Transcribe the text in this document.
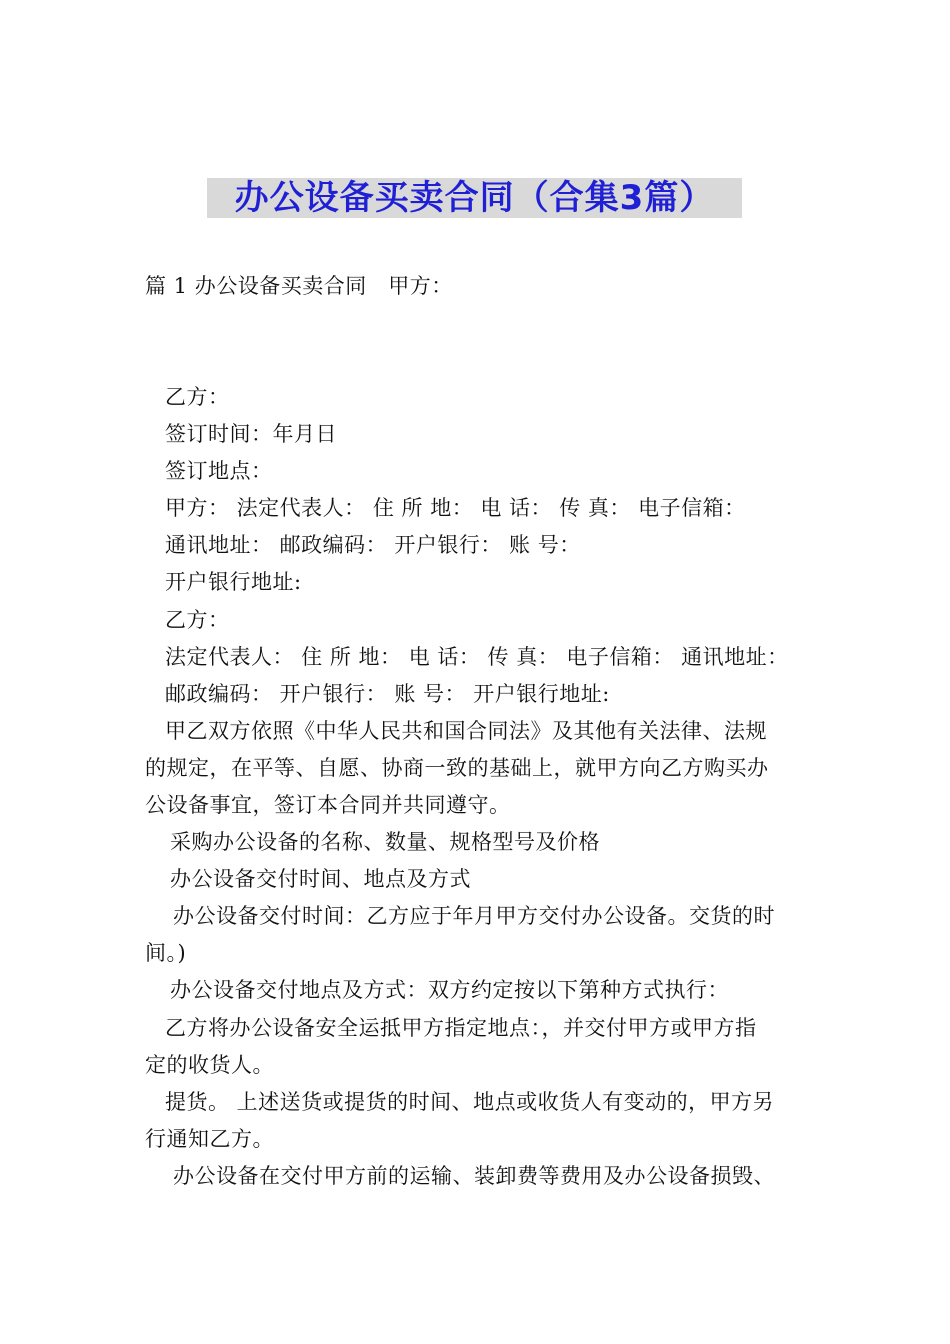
办公设备买卖合同（合集3篇）
篇 1 办公设备买卖合同　甲方：
乙方：
签订时间：年月日
签订地点：
甲方： 法定代表人： 住 所 地： 电 话： 传 真： 电子信箱：
通讯地址： 邮政编码： 开户银行： 账 号：
开户银行地址:
乙方：
法定代表人： 住 所 地： 电 话： 传 真： 电子信箱： 通讯地址：
邮政编码： 开户银行： 账 号： 开户银行地址:
甲乙双方依照《中华人民共和国合同法》及其他有关法律、法规
的规定，在平等、自愿、协商一致的基础上，就甲方向乙方购买办
公设备事宜，签订本合同并共同遵守。
采购办公设备的名称、数量、规格型号及价格
办公设备交付时间、地点及方式
办公设备交付时间：乙方应于年月甲方交付办公设备。交货的时
间。)
办公设备交付地点及方式：双方约定按以下第种方式执行：
乙方将办公设备安全运抵甲方指定地点：，并交付甲方或甲方指
定的收货人。
提货。 上述送货或提货的时间、地点或收货人有变动的，甲方另
行通知乙方。
办公设备在交付甲方前的运输、装卸费等费用及办公设备损毁、
